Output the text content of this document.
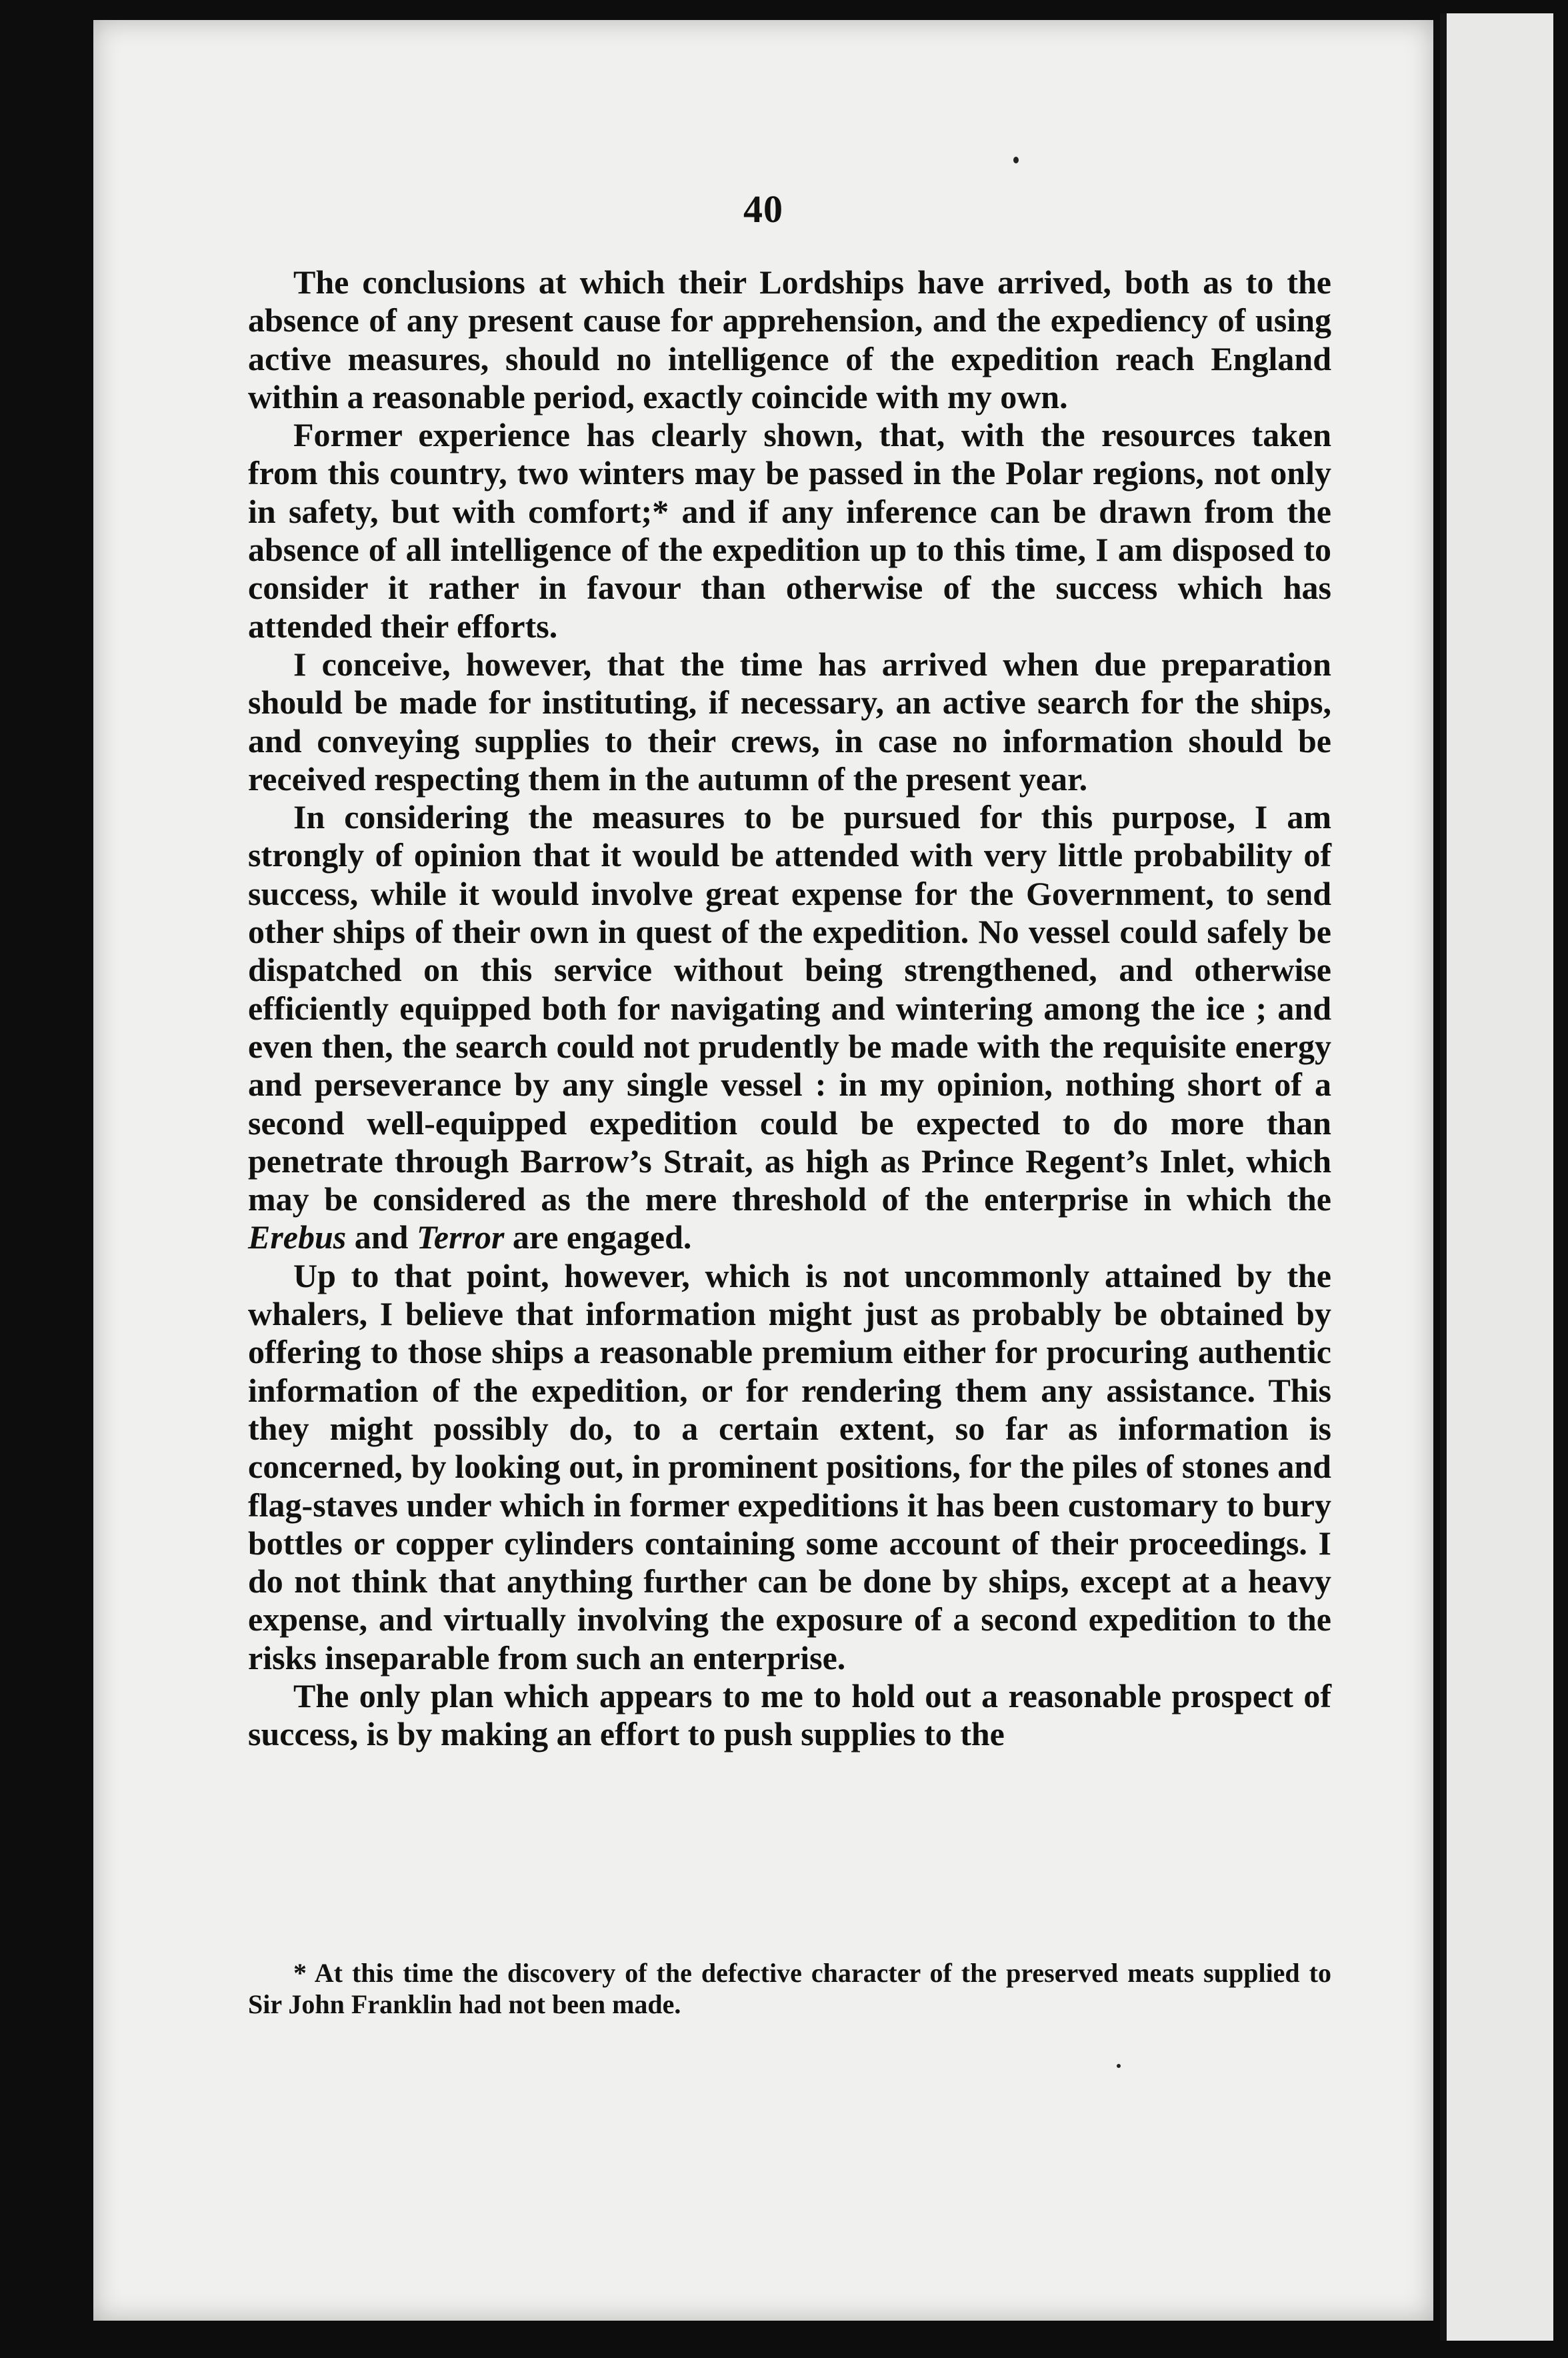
40

The conclusions at which their Lordships have arrived, both as to the absence of any present cause for apprehension, and the expediency of using active measures, should no intelligence of the expedition reach England within a reasonable period, exactly coincide with my own.

Former experience has clearly shown, that, with the resources taken from this country, two winters may be passed in the Polar regions, not only in safety, but with comfort;* and if any inference can be drawn from the absence of all intelligence of the expedition up to this time, I am disposed to consider it rather in favour than otherwise of the success which has attended their efforts.

I conceive, however, that the time has arrived when due preparation should be made for instituting, if necessary, an active search for the ships, and conveying supplies to their crews, in case no information should be received respecting them in the autumn of the present year.

In considering the measures to be pursued for this purpose, I am strongly of opinion that it would be attended with very little probability of success, while it would involve great expense for the Government, to send other ships of their own in quest of the expedition. No vessel could safely be dispatched on this service without being strengthened, and otherwise efficiently equipped both for navigating and wintering among the ice ; and even then, the search could not prudently be made with the requisite energy and perseverance by any single vessel : in my opinion, nothing short of a second well-equipped expedition could be expected to do more than penetrate through Barrow’s Strait, as high as Prince Regent’s Inlet, which may be considered as the mere threshold of the enterprise in which the Erebus and Terror are engaged.

Up to that point, however, which is not uncommonly attained by the whalers, I believe that information might just as probably be obtained by offering to those ships a reasonable premium either for procuring authentic information of the expedition, or for rendering them any assistance. This they might possibly do, to a certain extent, so far as information is concerned, by looking out, in prominent positions, for the piles of stones and flag-staves under which in former expeditions it has been customary to bury bottles or copper cylinders containing some account of their proceedings. I do not think that anything further can be done by ships, except at a heavy expense, and virtually involving the exposure of a second expedition to the risks inseparable from such an enterprise.

The only plan which appears to me to hold out a reasonable prospect of success, is by making an effort to push supplies to the

* At this time the discovery of the defective character of the preserved meats supplied to Sir John Franklin had not been made.
